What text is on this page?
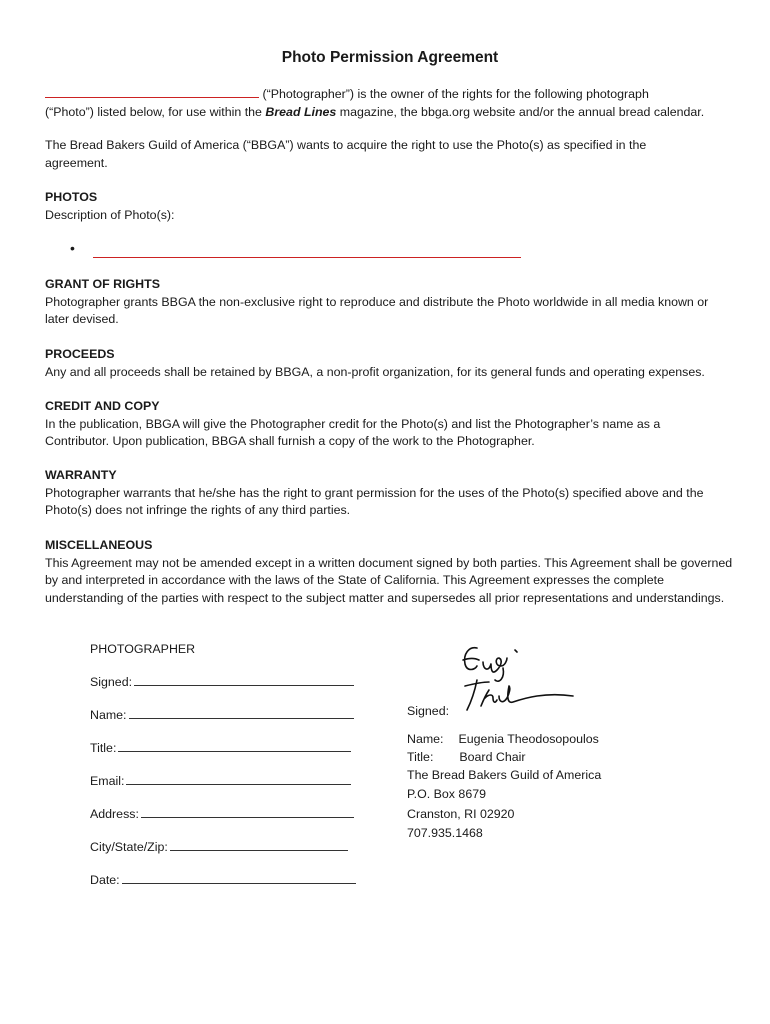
Photo Permission Agreement

(“Photographer”) is the owner of the rights for the following photograph
(“Photo”) listed below, for use within the Bread Lines magazine, the bbga.org website and/or the annual bread calendar.

The Bread Bakers Guild of America (“BBGA”) wants to acquire the right to use the Photo(s) as specified in the agreement.

PHOTOS
Description of Photo(s):

•

GRANT OF RIGHTS
Photographer grants BBGA the non-exclusive right to reproduce and distribute the Photo worldwide in all media known or later devised.

PROCEEDS
Any and all proceeds shall be retained by BBGA, a non-profit organization, for its general funds and operating expenses.

CREDIT AND COPY
In the publication, BBGA will give the Photographer credit for the Photo(s) and list the Photographer’s name as a Contributor. Upon publication, BBGA shall furnish a copy of the work to the Photographer.

WARRANTY
Photographer warrants that he/she has the right to grant permission for the uses of the Photo(s) specified above and the Photo(s) does not infringe the rights of any third parties.

MISCELLANEOUS
This Agreement may not be amended except in a written document signed by both parties. This Agreement shall be governed by and interpreted in accordance with the laws of the State of California. This Agreement expresses the complete understanding of the parties with respect to the subject matter and supersedes all prior representations and understandings.

PHOTOGRAPHER
Signed:
Name:
Title:
Email:
Address:
City/State/Zip:
Date:
Signed:
Name: Eugenia Theodosopoulos
Title: Board Chair
The Bread Bakers Guild of America
P.O. Box 8679
Cranston, RI 02920
707.935.1468
